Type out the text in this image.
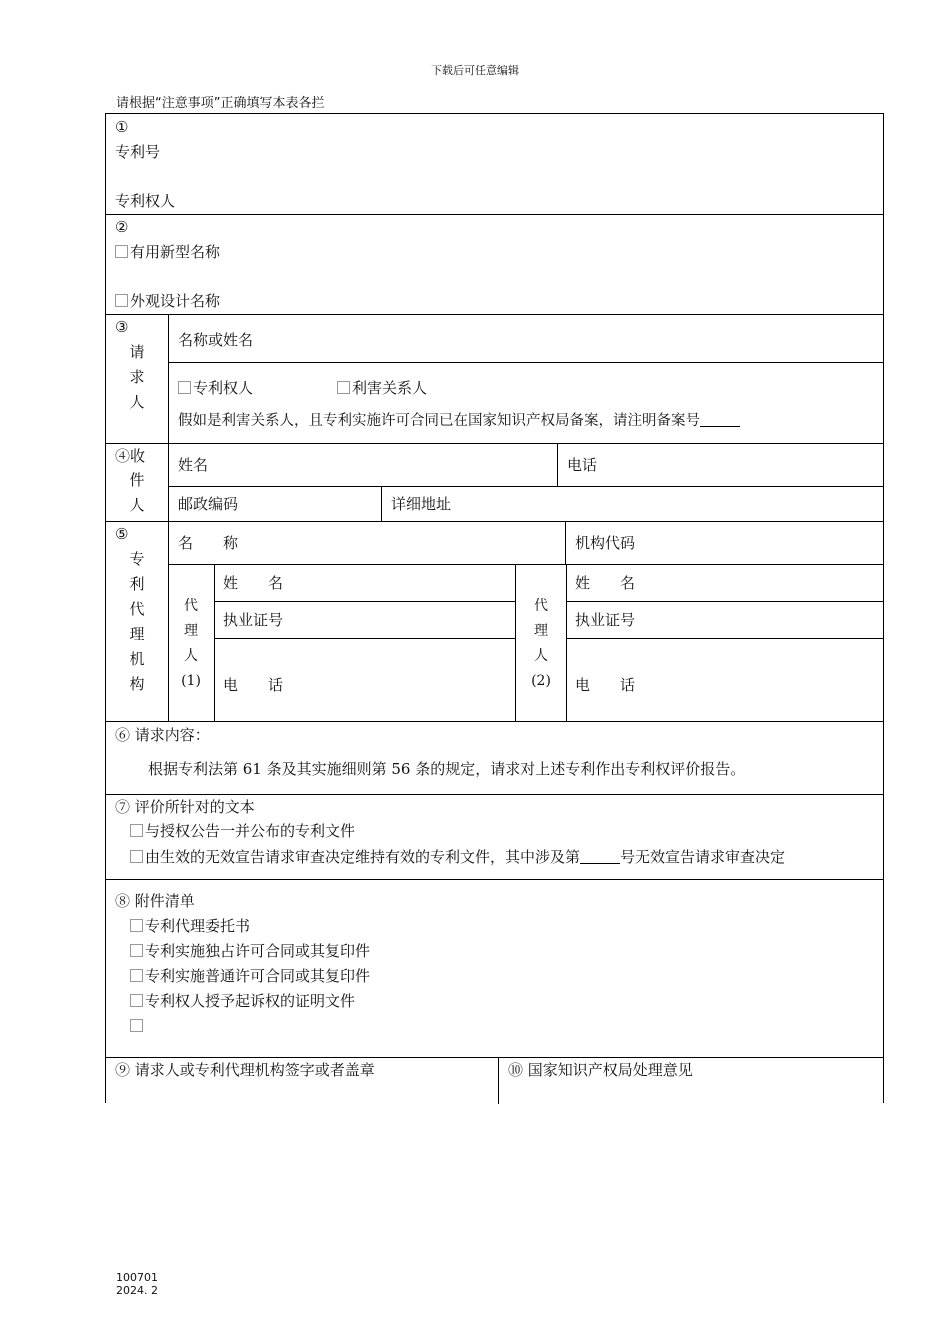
下载后可任意编辑
请根据“注意事项”正确填写本表各拦
①
专利号
专利权人
②
有用新型名称
外观设计名称
③
请
求
人
名称或姓名
专利权人	利害关系人
假如是利害关系人，且专利实施许可合同已在国家知识产权局备案，请注明备案号
④收
件
人
姓名	电话
邮政编码	详细地址
⑤
专
利
代
理
机
构
名　　称	机构代码
代
理
人
(1)
姓　　名
执业证号
电　　话
代
理
人
(2)
姓　　名
执业证号
电　　话
⑥ 请求内容：
根据专利法第 61 条及其实施细则第 56 条的规定，请求对上述专利作出专利权评价报告。
⑦ 评价所针对的文本
与授权公告一并公布的专利文件
由生效的无效宣告请求审查决定维持有效的专利文件，其中涉及第	号无效宣告请求审查决定
⑧ 附件清单
专利代理委托书
专利实施独占许可合同或其复印件
专利实施普通许可合同或其复印件
专利权人授予起诉权的证明文件
⑨ 请求人或专利代理机构签字或者盖章	⑩ 国家知识产权局处理意见
100701
2024. 2
